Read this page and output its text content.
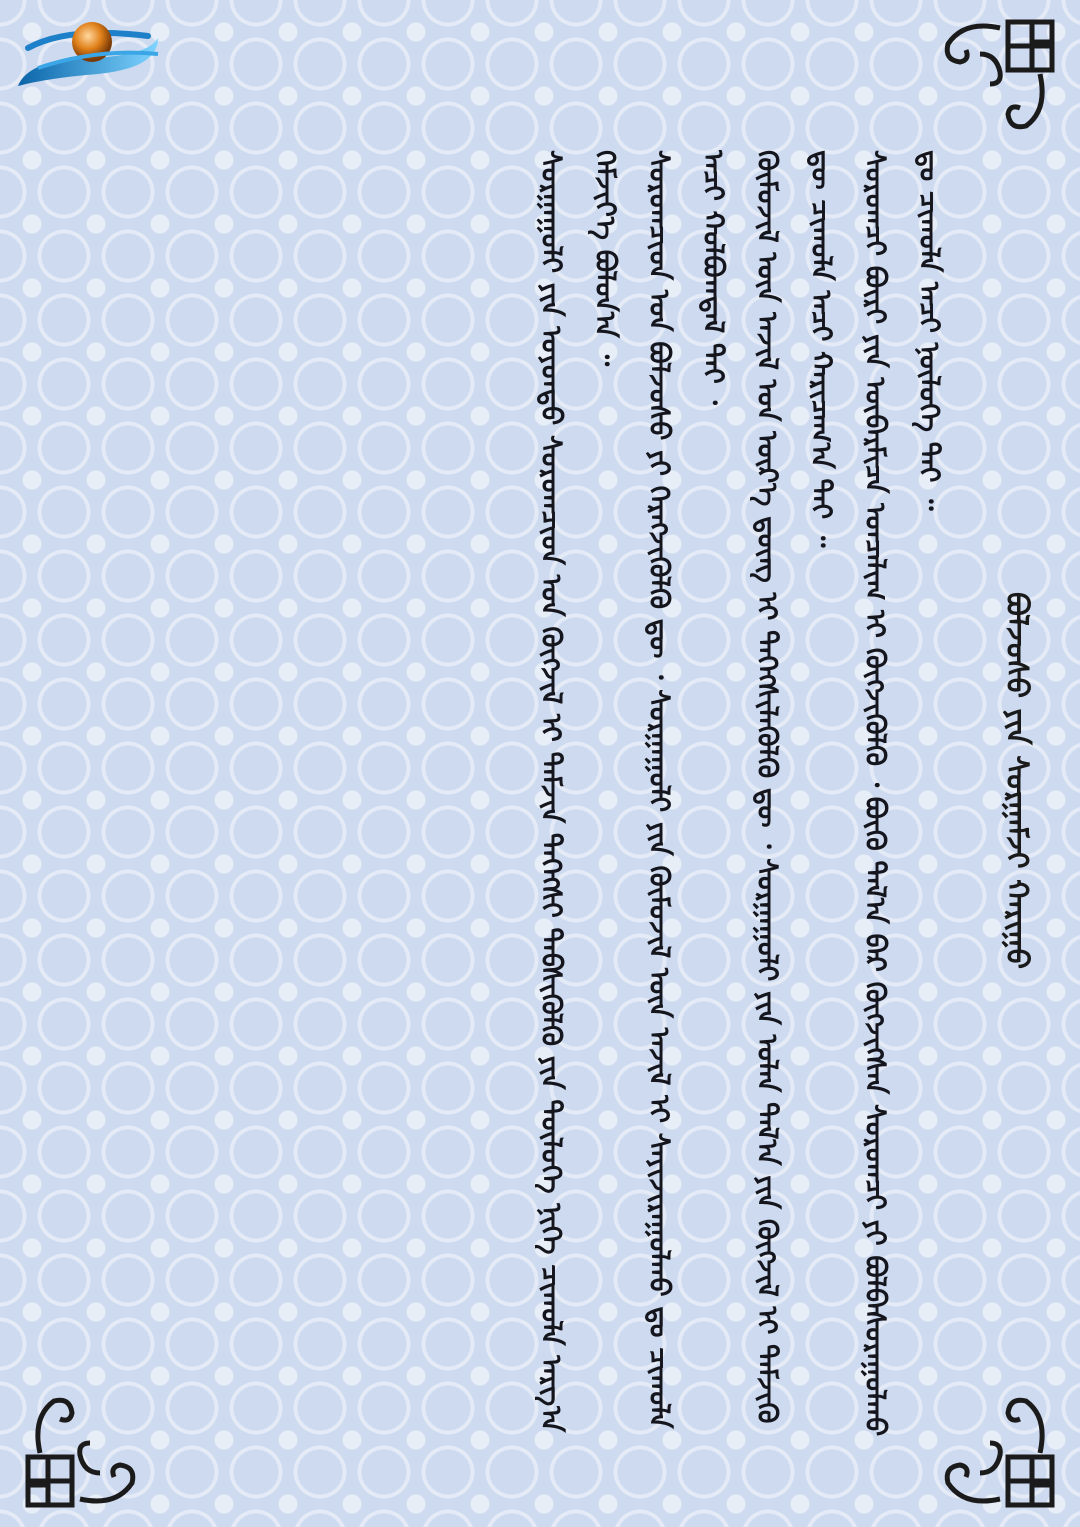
ᠪᠣᠯᠵᠣᠰᠤ ᠶᠢᠨ ᠰᠤᠷᠭᠠᠮᠵᠢ ᠬᠠᠷᠢᠭᠤ
ᠰᠤᠷᠭᠠᠭᠤᠯᠢ ᠶᠢᠨ ᠣᠶᠤᠨᠲᠤ ᠰᠤᠷᠤᠭᠴᠢᠳ ᠤᠨ ᠬᠥᠭᠵᠢᠯ ᠢ ᠳᠡᠮᠵᠢᠨ ᠳᠡᠭᠡᠭᠰᠢ ᠳᠡᠪᠰᠢᠭᠦᠯᠬᠦ ᠶᠢᠨ ᠲᠥᠯᠦᠭᠡ ᠨᠢᠭᠡ ᠴᠢᠬᠤᠯᠠ ᠠᠷᠭ᠎ᠠ ᠬᠡᠮᠵᠢᠶ᠎ᠡ ᠪᠣᠯᠤᠨ᠎ᠠ ᠃ ᠰᠤᠷᠤᠭᠴᠢᠳ ᠤᠨ ᠪᠣᠯᠵᠣᠰᠤ ᠶᠢ ᠬᠡᠷᠡᠭᠵᠢᠭᠦᠯᠬᠦ ᠳᠦ ᠂ ᠰᠤᠷᠭᠠᠭᠤᠯᠢ ᠶᠢᠨ ᠬᠦᠮᠦᠵᠢᠯ ᠦᠨ ᠠᠵᠢᠯ ᠢ ᠰᠠᠶᠢᠵᠢᠷᠠᠭᠤᠯᠬᠤ ᠳᠤ ᠴᠢᠬᠤᠯᠠ ᠠᠴᠢ ᠬᠣᠯᠪᠣᠭᠳᠠᠯ ᠲᠠᠶ ᠂ ᠬᠦᠮᠦᠵᠢᠯ ᠦᠨ ᠠᠵᠢᠯ ᠤᠨ ᠦᠷ᠎ᠡ ᠳ᠋ᠦᠩ ᠢ ᠳᠡᠭᠡᠭᠰᠢᠯᠡᠭᠦᠯᠬᠦ ᠳᠦ ᠂ ᠰᠤᠷᠭᠠᠭᠤᠯᠢ ᠶᠢᠨ ᠣᠯᠠᠨ ᠲᠠᠯ᠎ᠠ ᠶᠢᠨ ᠬᠥᠭᠵᠢᠯ ᠢ ᠳᠡᠮᠵᠢᠬᠦ ᠳᠦ ᠴᠢᠬᠤᠯᠠ ᠠᠴᠢ ᠬᠠᠷᠢᠴᠠᠭ᠎ᠠ ᠲᠠᠶ ᠃ ᠰᠤᠷᠤᠭᠴᠢ ᠪᠦᠷᠢ ᠶᠢᠨ ᠥᠪᠡᠷᠮᠢᠴᠡ ᠣᠨᠴᠠᠯᠢᠭ ᠢ ᠬᠥᠭᠵᠢᠭᠦᠯᠬᠦ ᠂ ᠪᠦᠬᠦ ᠲᠠᠯ᠎ᠠ ᠪᠠᠷ ᠬᠥᠭᠵᠢᠭᠰᠡᠨ ᠰᠤᠷᠤᠭᠴᠢ ᠶᠢ ᠪᠣᠯᠪᠠᠰᠤᠷᠠᠭᠤᠯᠬᠤ ᠳᠤ ᠴᠢᠬᠤᠯᠠ ᠠᠴᠢ ᠨᠥᠯᠦᠭᠡ ᠲᠠᠶ ᠃
